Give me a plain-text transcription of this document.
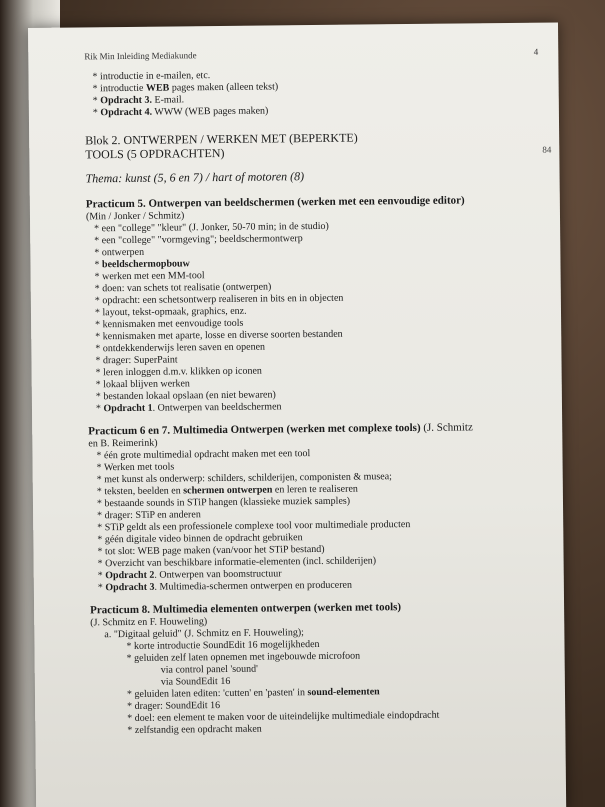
Rik Min Inleiding Mediakunde	4
* introductie in e-mailen, etc.
* introductie WEB pages maken (alleen tekst)
* Opdracht 3. E-mail.
* Opdracht 4. WWW (WEB pages maken)
Blok 2. ONTWERPEN / WERKEN MET (BEPERKTE)
TOOLS (5 OPDRACHTEN)	84
Thema: kunst (5, 6 en 7) / hart of motoren (8)
Practicum 5. Ontwerpen van beeldschermen (werken met een eenvoudige editor)
(Min / Jonker / Schmitz)
* een "college" "kleur" (J. Jonker, 50-70 min; in de studio)
* een "college" "vormgeving"; beeldschermontwerp
* ontwerpen
* beeldschermopbouw
* werken met een MM-tool
* doen: van schets tot realisatie (ontwerpen)
* opdracht: een schetsontwerp realiseren in bits en in objecten
* layout, tekst-opmaak, graphics, enz.
* kennismaken met eenvoudige tools
* kennismaken met aparte, losse en diverse soorten bestanden
* ontdekkenderwijs leren saven en openen
* drager: SuperPaint
* leren inloggen d.m.v. klikken op iconen
* lokaal blijven werken
* bestanden lokaal opslaan (en niet bewaren)
* Opdracht 1. Ontwerpen van beeldschermen
Practicum 6 en 7. Multimedia Ontwerpen (werken met complexe tools) (J. Schmitz
en B. Reimerink)
* één grote multimedial opdracht maken met een tool
* Werken met tools
* met kunst als onderwerp: schilders, schilderijen, componisten & musea;
* teksten, beelden en schermen ontwerpen en leren te realiseren
* bestaande sounds in STiP hangen (klassieke muziek samples)
* drager: STiP en anderen
* STiP geldt als een professionele complexe tool voor multimediale producten
* géén digitale video binnen de opdracht gebruiken
* tot slot: WEB page maken (van/voor het STiP bestand)
* Overzicht van beschikbare informatie-elementen (incl. schilderijen)
* Opdracht 2. Ontwerpen van boomstructuur
* Opdracht 3. Multimedia-schermen ontwerpen en produceren
Practicum 8. Multimedia elementen ontwerpen (werken met tools)
(J. Schmitz en F. Houweling)
a. "Digitaal geluid" (J. Schmitz en F. Houweling);
* korte introductie SoundEdit 16 mogelijkheden
* geluiden zelf laten opnemen met ingebouwde microfoon
via control panel 'sound'
via SoundEdit 16
* geluiden laten editen: 'cutten' en 'pasten' in sound-elementen
* drager: SoundEdit 16
* doel: een element te maken voor de uiteindelijke multimediale eindopdracht
* zelfstandig een opdracht maken
